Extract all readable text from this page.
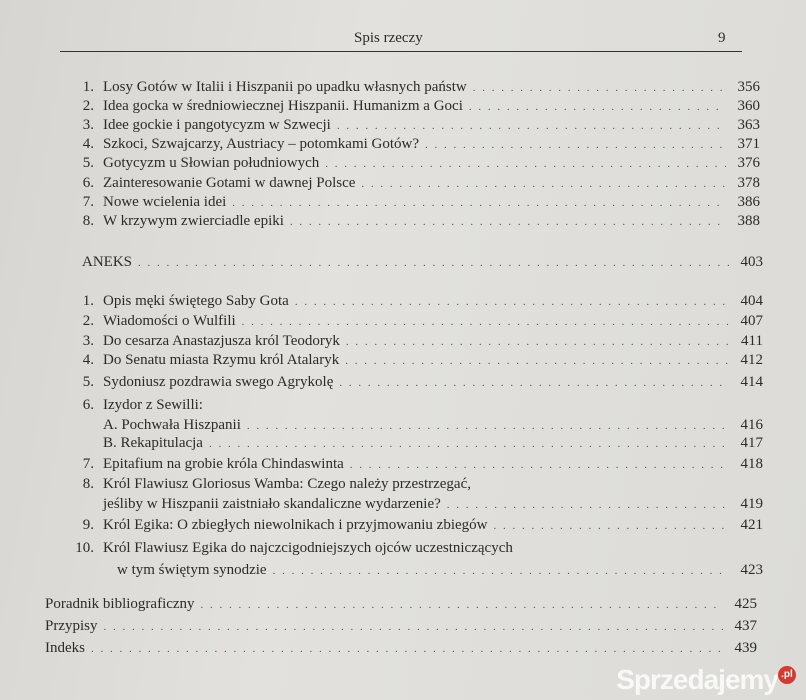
Spis rzeczy	9
1. Losy Gotów w Italii i Hiszpanii po upadku własnych państw . . .	356
2. Idea gocka w średniowiecznej Hiszpanii. Humanizm a Goci . . .	360
3. Idee gockie i pangotycyzm w Szwecji . . .	363
4. Szkoci, Szwajcarzy, Austriacy – potomkami Gotów? . . .	371
5. Gotycyzm u Słowian południowych . . .	376
6. Zainteresowanie Gotami w dawnej Polsce . . .	378
7. Nowe wcielenia idei . . .	386
8. W krzywym zwierciadle epiki . . .	388
ANEKS . . .	403
1. Opis męki świętego Saby Gota . . .	404
2. Wiadomości o Wulfili . . .	407
3. Do cesarza Anastazjusza król Teodoryk . . .	411
4. Do Senatu miasta Rzymu król Atalaryk . . .	412
5. Sydoniusz pozdrawia swego Agrykolę . . .	414
6. Izydor z Sewilli:
A. Pochwała Hiszpanii . . .	416
B. Rekapitulacja . . .	417
7. Epitafium na grobie króla Chindaswinta . . .	418
8. Król Flawiusz Gloriosus Wamba: Czego należy przestrzegać,
jeśliby w Hiszpanii zaistniało skandaliczne wydarzenie? . . .	419
9. Król Egika: O zbiegłych niewolnikach i przyjmowaniu zbiegów . . .	421
10. Król Flawiusz Egika do najczcigodniejszych ojców uczestniczących
w tym świętym synodzie . . .	423
Poradnik bibliograficzny . . .	425
Przypisy . . .	437
Indeks . . .	439
Sprzedajemy .pl
